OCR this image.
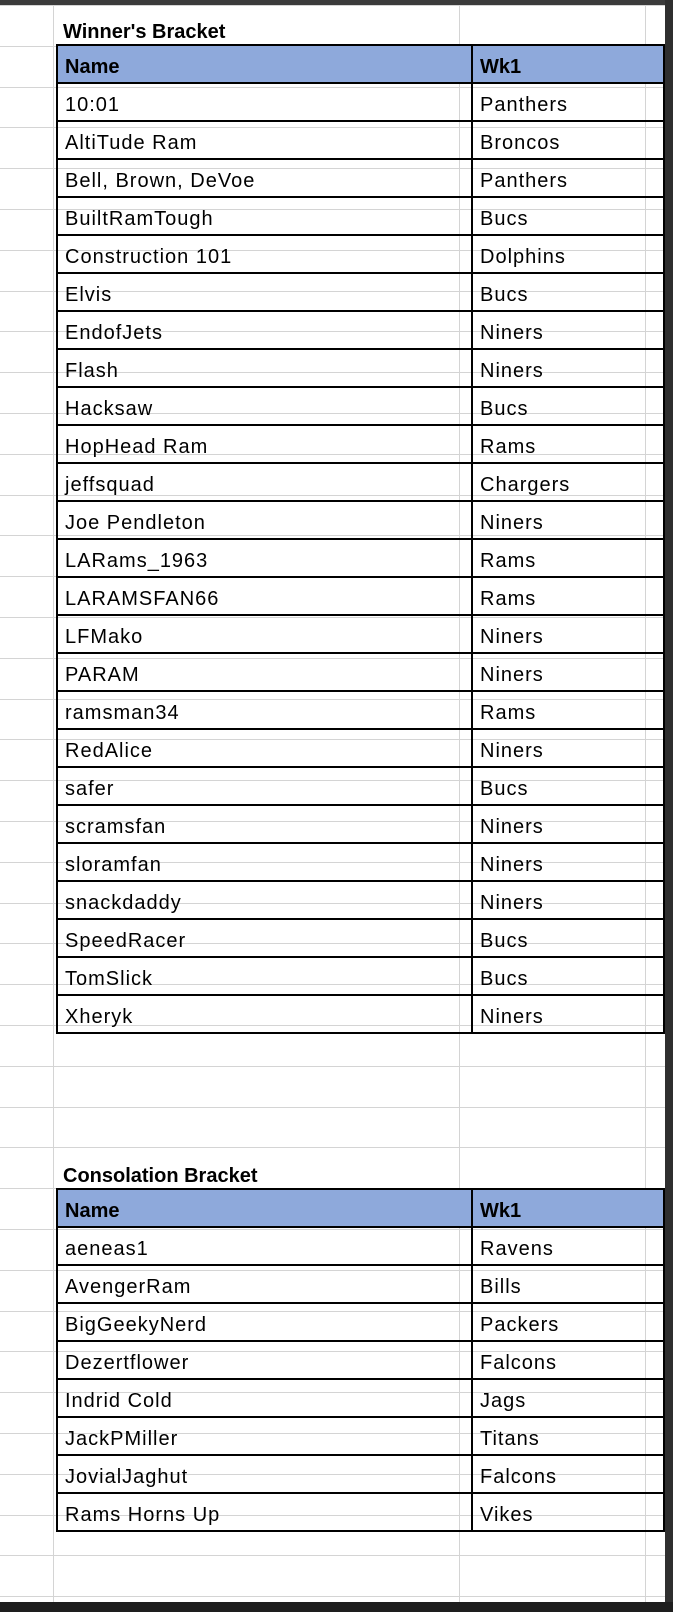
Winner's Bracket
Name	Wk1
10:01	Panthers
AltiTude Ram	Broncos
Bell, Brown, DeVoe	Panthers
BuiltRamTough	Bucs
Construction 101	Dolphins
Elvis	Bucs
EndofJets	Niners
Flash	Niners
Hacksaw	Bucs
HopHead Ram	Rams
jeffsquad	Chargers
Joe Pendleton	Niners
LARams_1963	Rams
LARAMSFAN66	Rams
LFMako	Niners
PARAM	Niners
ramsman34	Rams
RedAlice	Niners
safer	Bucs
scramsfan	Niners
sloramfan	Niners
snackdaddy	Niners
SpeedRacer	Bucs
TomSlick	Bucs
Xheryk	Niners
Consolation Bracket
Name	Wk1
aeneas1	Ravens
AvengerRam	Bills
BigGeekyNerd	Packers
Dezertflower	Falcons
Indrid Cold	Jags
JackPMiller	Titans
JovialJaghut	Falcons
Rams Horns Up	Vikes
